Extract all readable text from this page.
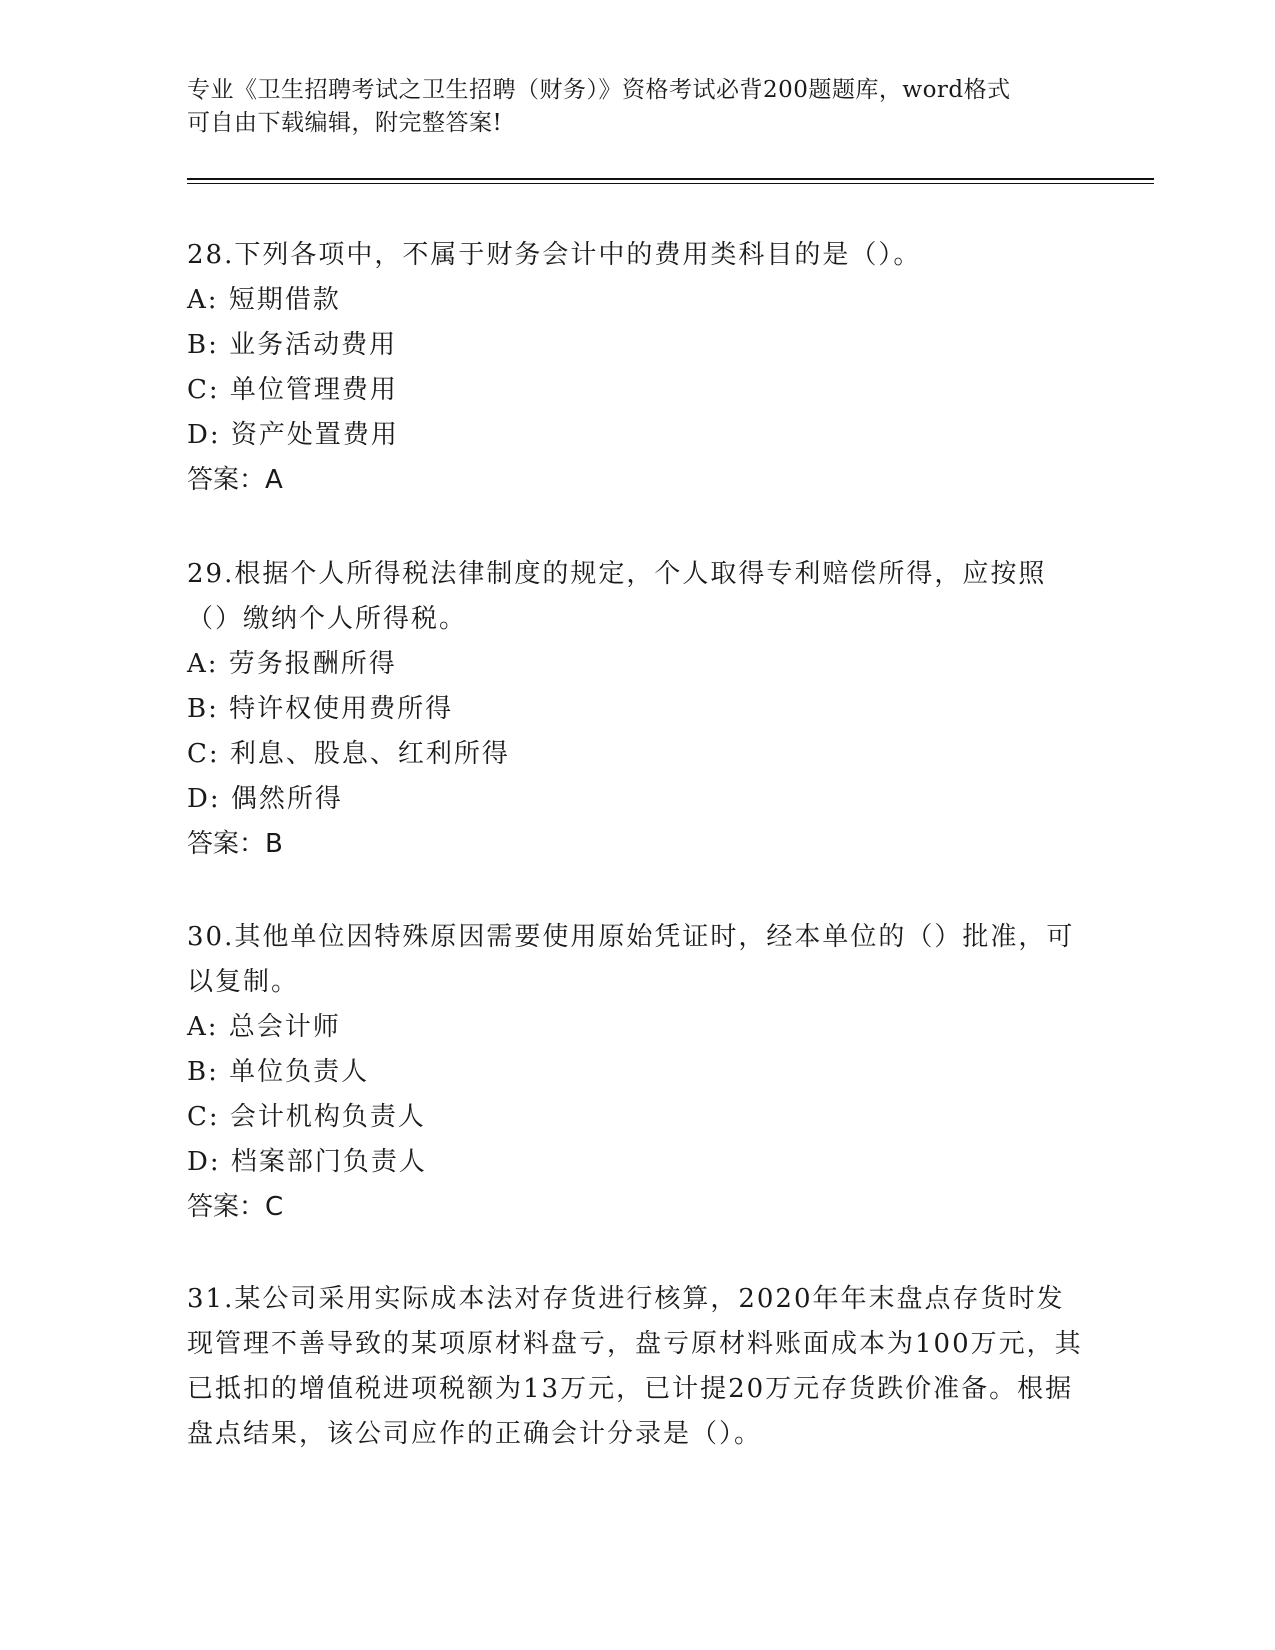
专业《卫生招聘考试之卫生招聘（财务）》资格考试必背200题题库，word格式
可自由下载编辑，附完整答案!

28.下列各项中，不属于财务会计中的费用类科目的是（）。

A: 短期借款

B: 业务活动费用

C: 单位管理费用

D: 资产处置费用

答案：A

29.根据个人所得税法律制度的规定，个人取得专利赔偿所得，应按照（）缴纳个人所得税。

A: 劳务报酬所得

B: 特许权使用费所得

C: 利息、股息、红利所得

D: 偶然所得

答案：B

30.其他单位因特殊原因需要使用原始凭证时，经本单位的（）批准，可以复制。

A: 总会计师

B: 单位负责人

C: 会计机构负责人

D: 档案部门负责人

答案：C

31.某公司采用实际成本法对存货进行核算，2020年年末盘点存货时发现管理不善导致的某项原材料盘亏，盘亏原材料账面成本为100万元，其已抵扣的增值税进项税额为13万元，已计提20万元存货跌价准备。根据盘点结果，该公司应作的正确会计分录是（）。
